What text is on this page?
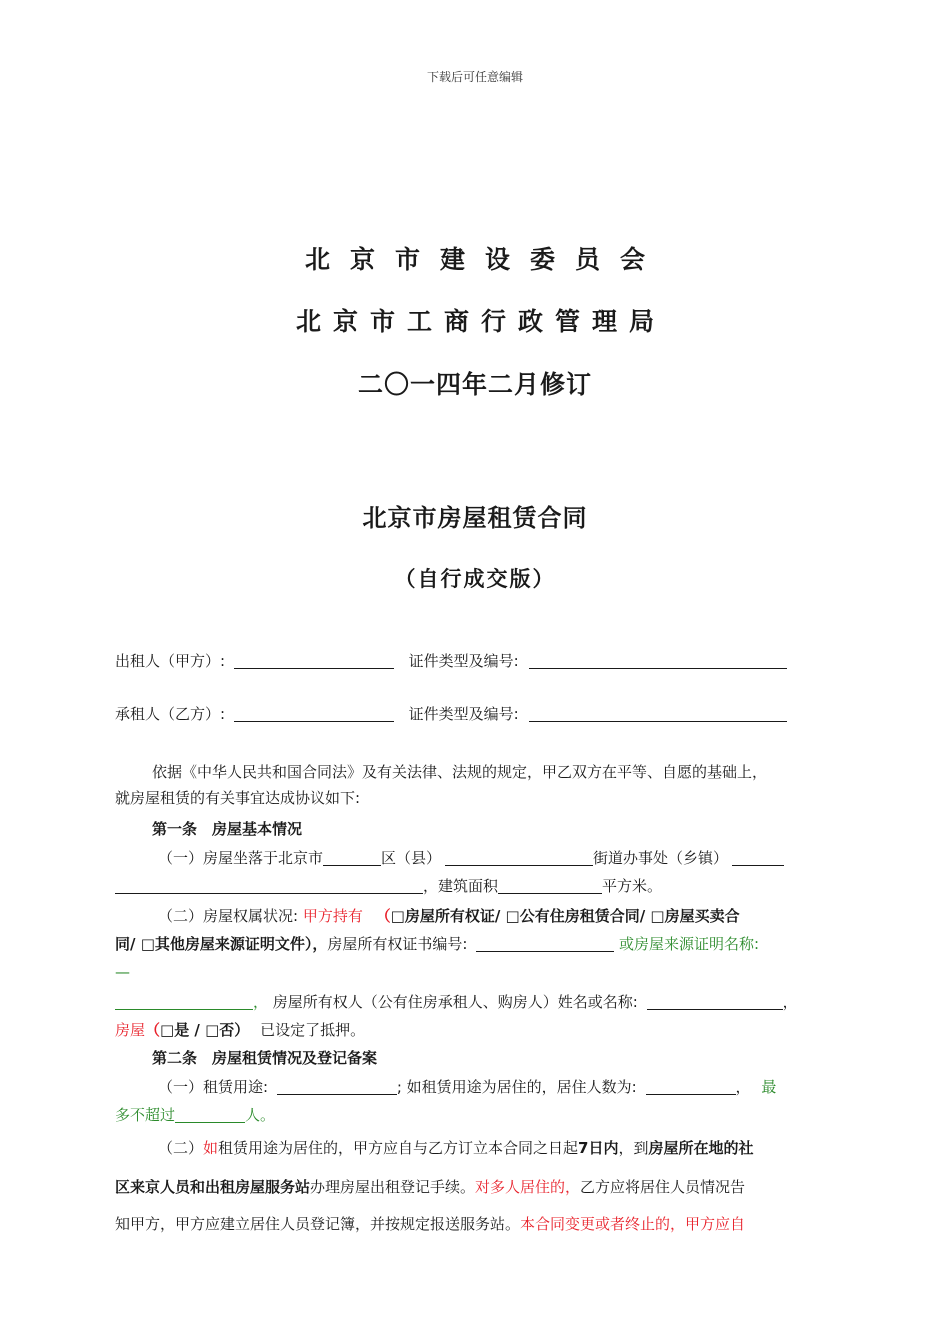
下载后可任意编辑
北京市建设委员会
北京市工商行政管理局
二〇一四年二月修订
北京市房屋租赁合同
（自行成交版）
出租人（甲方）:	证件类型及编号:
承租人（乙方）:	证件类型及编号:
依据《中华人民共和国合同法》及有关法律、法规的规定，甲乙双方在平等、自愿的基础上，
就房屋租赁的有关事宜达成协议如下:
第一条　房屋基本情况
（一）房屋坐落于北京市	区（县）	街道办事处（乡镇）
，建筑面积	平方米。
（二）房屋权属状况: 甲方持有 （□房屋所有权证/ □公有住房租赁合同/ □房屋买卖合
同/ □其他房屋来源证明文件），房屋所有权证书编号:	或房屋来源证明名称:
—
， 房屋所有权人（公有住房承租人、购房人）姓名或名称:	，
房屋（□是 / □否） 已设定了抵押。
第二条　房屋租赁情况及登记备案
（一）租赁用途:	; 如租赁用途为居住的，居住人数为:	， 最
多不超过	人。
（二）如租赁用途为居住的，甲方应自与乙方订立本合同之日起7日内，到房屋所在地的社
区来京人员和出租房屋服务站办理房屋出租登记手续。对多人居住的，乙方应将居住人员情况告
知甲方，甲方应建立居住人员登记簿，并按规定报送服务站。本合同变更或者终止的，甲方应自
